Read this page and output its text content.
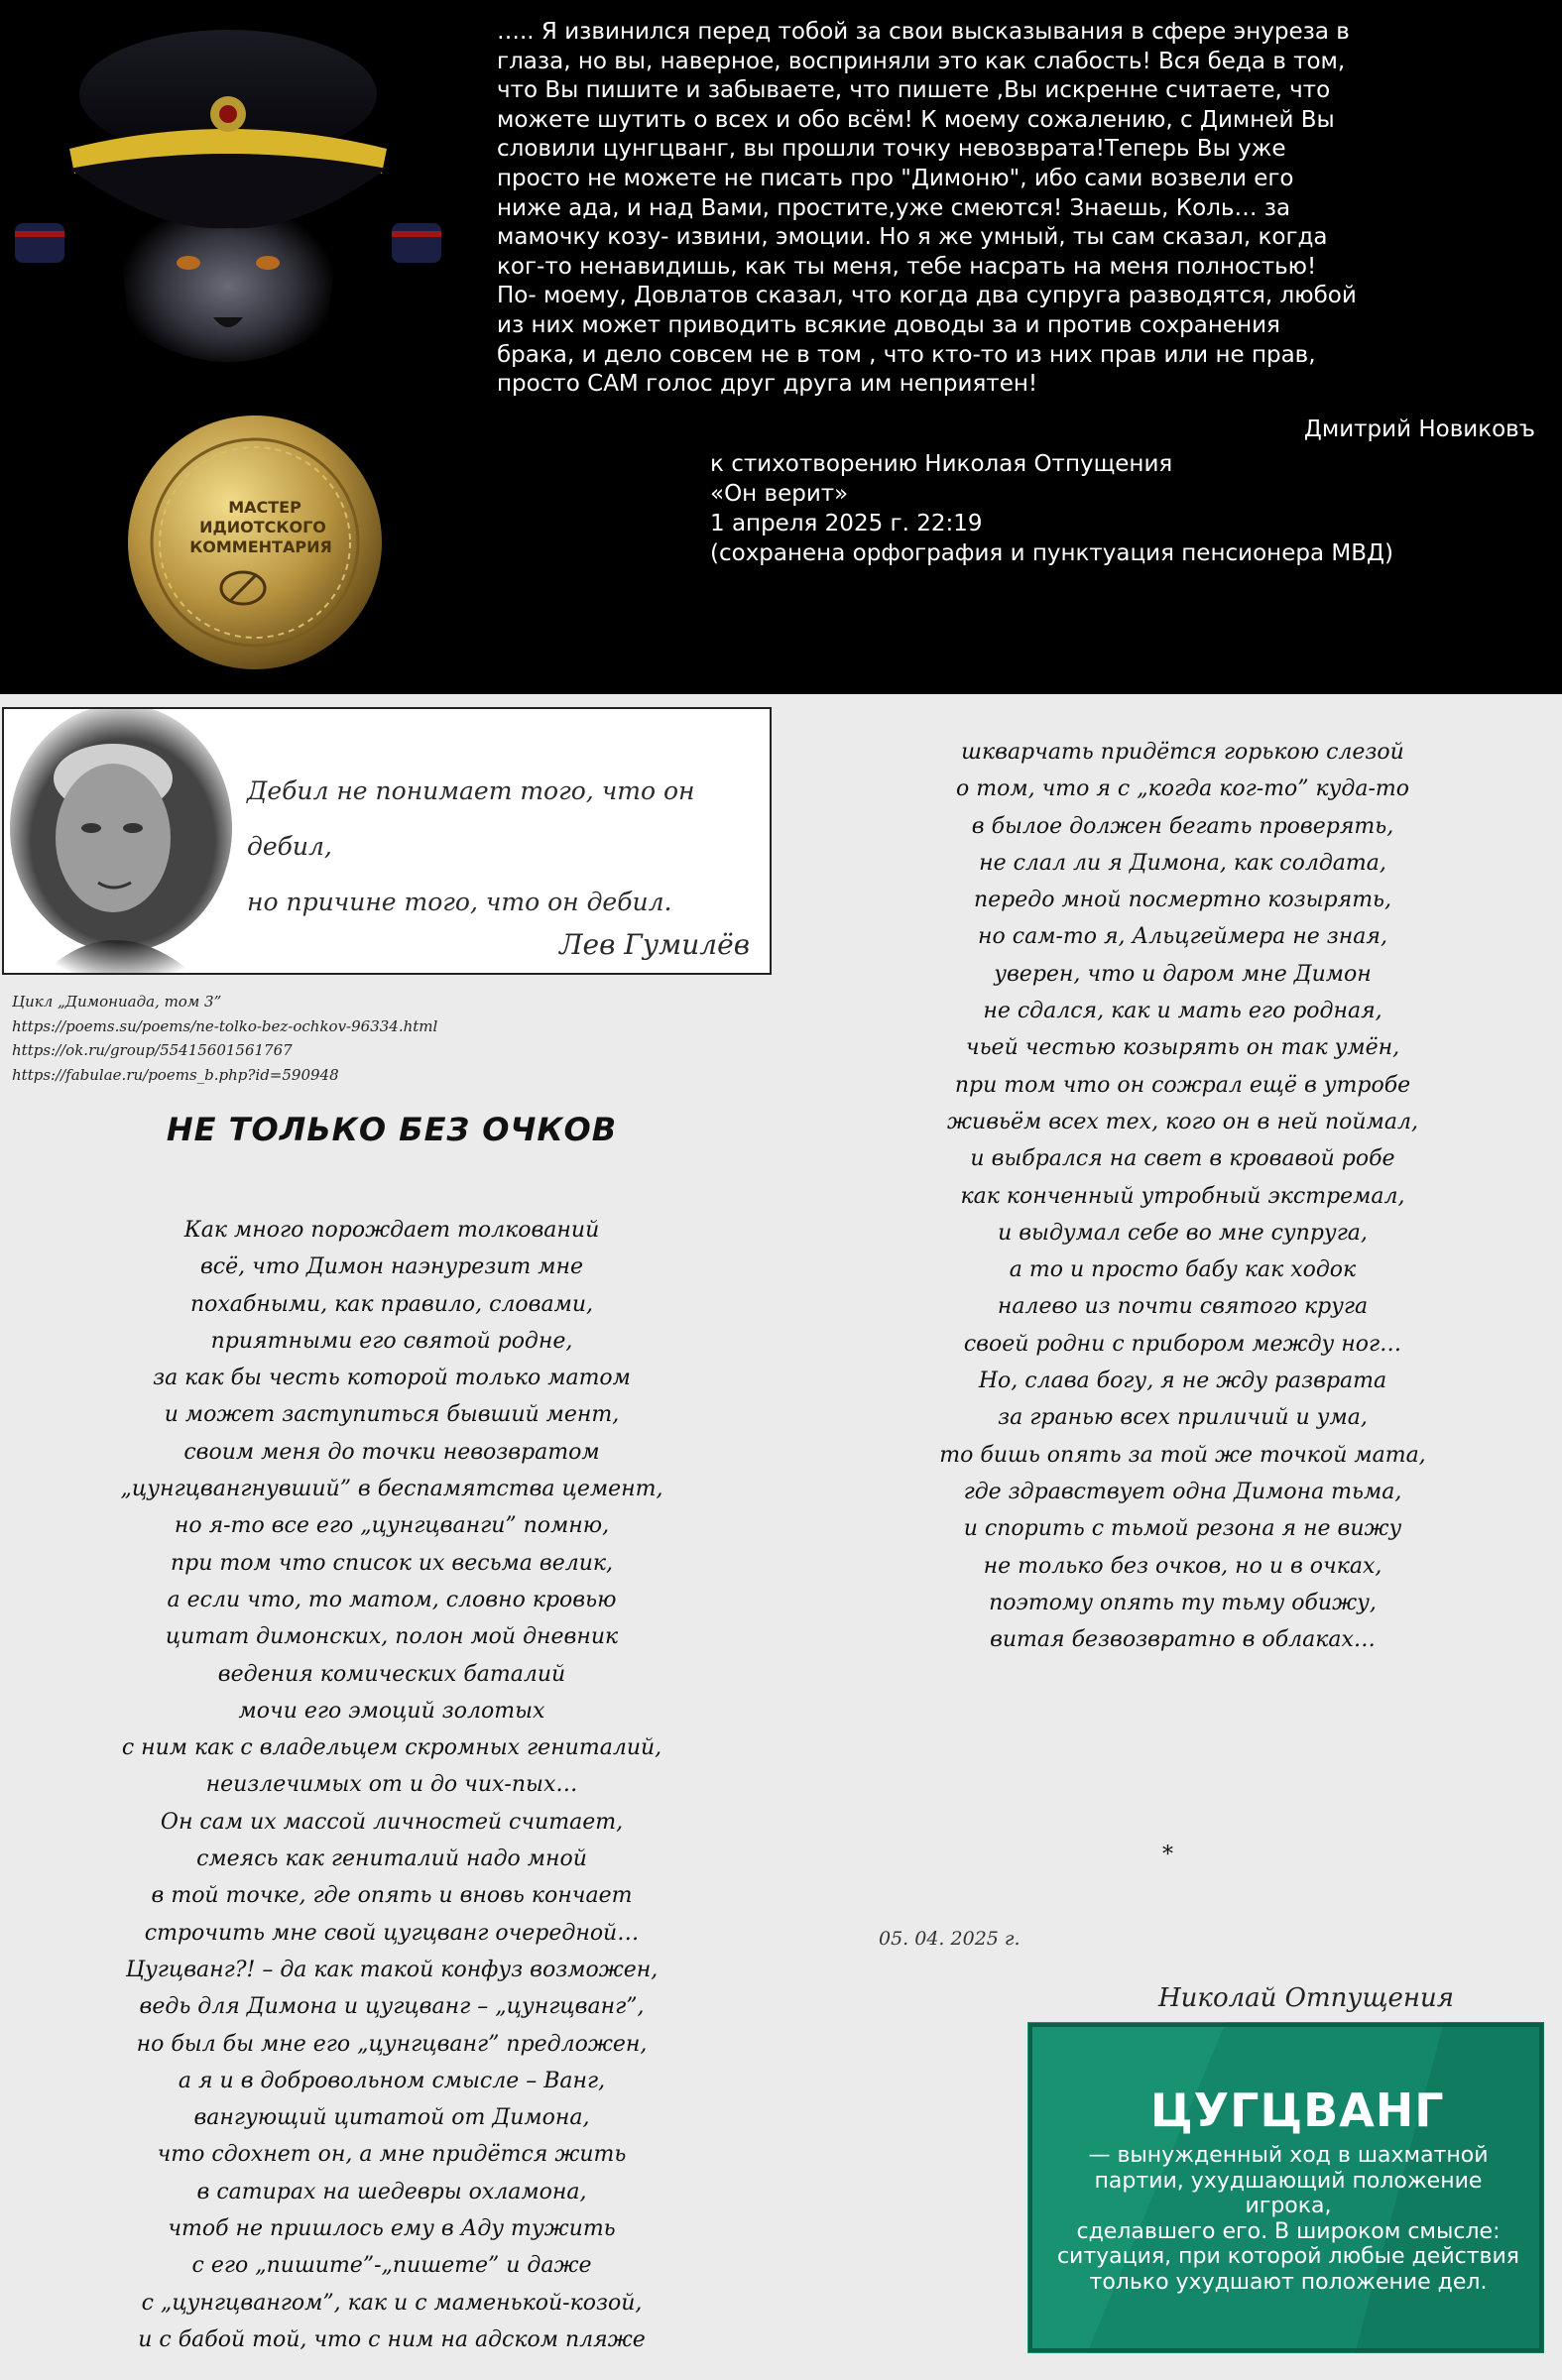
МАСТЕР
ИДИОТСКОГО
КОММЕНТАРИЯ
….. Я извинился перед тобой за свои высказывания в сфере энуреза в
глаза, но вы, наверное, восприняли это как слабость! Вся беда в том,
что Вы пишите и забываете, что пишете ,Вы искренне считаете, что
можете шутить о всех и обо всём! К моему сожалению, с Димней Вы
словили цунгцванг, вы прошли точку невозврата!Теперь Вы уже
просто не можете не писать про "Димоню", ибо сами возвели его
ниже ада, и над Вами, простите,уже смеются! Знаешь, Коль… за
мамочку козу- извини, эмоции. Но я же умный, ты сам сказал, когда
ког-то ненавидишь, как ты меня, тебе насрать на меня полностью!
По- моему, Довлатов сказал, что когда два супруга разводятся, любой
из них может приводить всякие доводы за и против сохранения
брака, и дело совсем не в том , что кто-то из них прав или не прав,
просто САМ голос друг друга им неприятен!
Дмитрий Новиковъ
к стихотворению Николая Отпущения
«Он верит»
1 апреля 2025 г. 22:19
(сохранена орфография и пунктуация пенсионера МВД)
Дебил не понимает того, что он дебил,
но причине того, что он дебил.
Лев Гумилёв
Цикл „Димониада, том 3”
https://poems.su/poems/ne-tolko-bez-ochkov-96334.html
https://ok.ru/group/55415601561767
https://fabulae.ru/poems_b.php?id=590948
НЕ ТОЛЬКО БЕЗ ОЧКОВ
Как много порождает толкований
всё, что Димон наэнурезит мне
похабными, как правило, словами,
приятными его святой родне,
за как бы честь которой только матом
и может заступиться бывший мент,
своим меня до точки невозвратом
„цунгцвангнувший” в беспамятства цемент,
но я-то все его „цунгцванги” помню,
при том что список их весьма велик,
а если что, то матом, словно кровью
цитат димонских, полон мой дневник
ведения комических баталий
мочи его эмоций золотых
с ним как с владельцем скромных гениталий,
неизлечимых от и до чих-пых…
Он сам их массой личностей считает,
смеясь как гениталий надо мной
в той точке, где опять и вновь кончает
строчить мне свой цугцванг очередной…
Цугцванг?! – да как такой конфуз возможен,
ведь для Димона и цугцванг – „цунгцванг”,
но был бы мне его „цунгцванг” предложен,
а я и в добровольном смысле – Ванг,
вангующий цитатой от Димона,
что сдохнет он, а мне придётся жить
в сатирах на шедевры охламона,
чтоб не пришлось ему в Аду тужить
с его „пишите”-„пишете” и даже
с „цунгцвангом”, как и с маменькой-козой,
и с бабой той, что с ним на адском пляже
шкварчать придётся горькою слезой
о том, что я с „когда ког-то” куда-то
в былое должен бегать проверять,
не слал ли я Димона, как солдата,
передо мной посмертно козырять,
но сам-то я, Альцгеймера не зная,
уверен, что и даром мне Димон
не сдался, как и мать его родная,
чьей честью козырять он так умён,
при том что он сожрал ещё в утробе
живьём всех тех, кого он в ней поймал,
и выбрался на свет в кровавой робе
как конченный утробный экстремал,
и выдумал себе во мне супруга,
а то и просто бабу как ходок
налево из почти святого круга
своей родни с прибором между ног…
Но, слава богу, я не жду разврата
за гранью всех приличий и ума,
то бишь опять за той же точкой мата,
где здравствует одна Димона тьма,
и спорить с тьмой резона я не вижу
не только без очков, но и в очках,
поэтому опять ту тьму обижу,
витая безвозвратно в облаках…
*
05. 04. 2025 г.
Николай Отпущения
ЦУГЦВАНГ
— вынужденный ход в шахматной
партии, ухудшающий положение игрока,
сделавшего его. В широком смысле:
ситуация, при которой любые действия
только ухудшают положение дел.
